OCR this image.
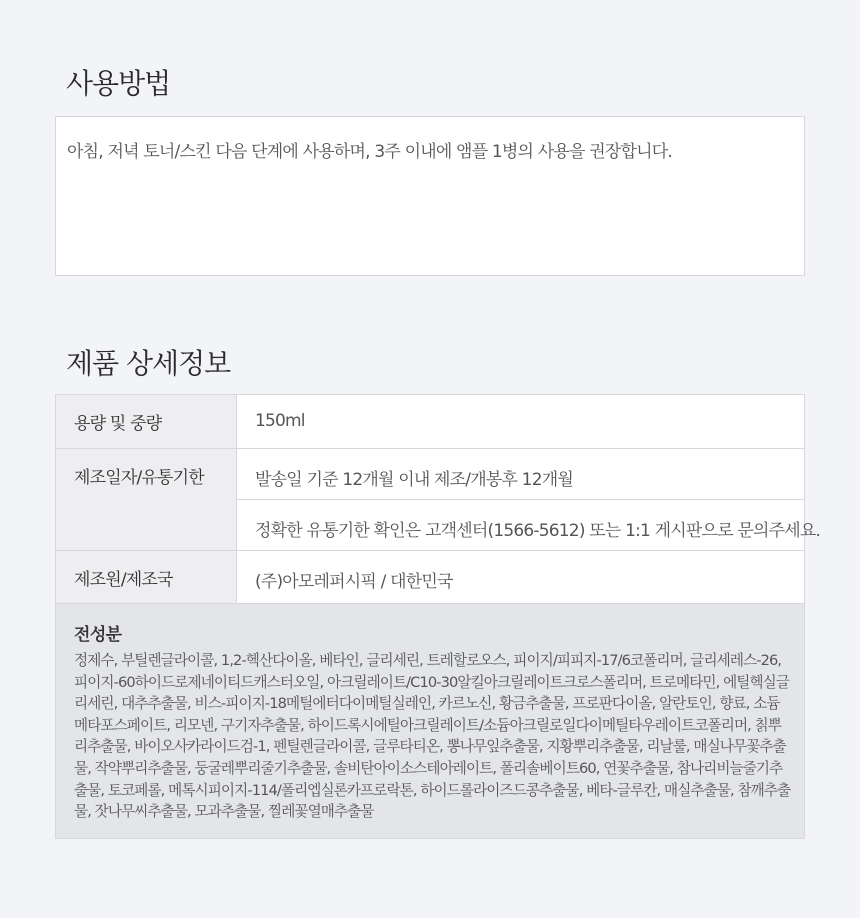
사용방법
아침, 저녁 토너/스킨 다음 단계에 사용하며, 3주 이내에 앰플 1병의 사용을 권장합니다.
제품 상세정보
용량 및 중량	150ml
제조일자/유통기한	발송일 기준 12개월 이내 제조/개봉후 12개월
	정확한 유통기한 확인은 고객센터(1566-5612) 또는 1:1 게시판으로 문의주세요.
제조원/제조국	(주)아모레퍼시픽 / 대한민국
전성분
정제수, 부틸렌글라이콜, 1,2-헥산다이올, 베타인, 글리세린, 트레할로오스, 피이지/피피지-17/6코폴리머, 글리세레스-26, 피이지-60하이드로제네이티드캐스터오일, 아크릴레이트/C10-30알킬아크릴레이트크로스폴리머, 트로메타민, 에틸헥실글리세린, 대추추출물, 비스-피이지-18메틸에터다이메틸실레인, 카르노신, 황금추출물, 프로판다이올, 알란토인, 향료, 소듐메타포스페이트, 리모넨, 구기자추출물, 하이드록시에틸아크릴레이트/소듐아크릴로일다이메틸타우레이트코폴리머, 칡뿌리추출물, 바이오사카라이드검-1, 펜틸렌글라이콜, 글루타티온, 뽕나무잎추출물, 지황뿌리추출물, 리날룰, 매실나무꽃추출물, 작약뿌리추출물, 둥굴레뿌리줄기추출물, 솔비탄아이소스테아레이트, 폴리솔베이트60, 연꽃추출물, 참나리비늘줄기추출물, 토코페롤, 메톡시피이지-114/폴리엡실론카프로락톤, 하이드롤라이즈드콩추출물, 베타-글루칸, 매실추출물, 참깨추출물, 잣나무씨추출물, 모과추출물, 찔레꽃열매추출물
